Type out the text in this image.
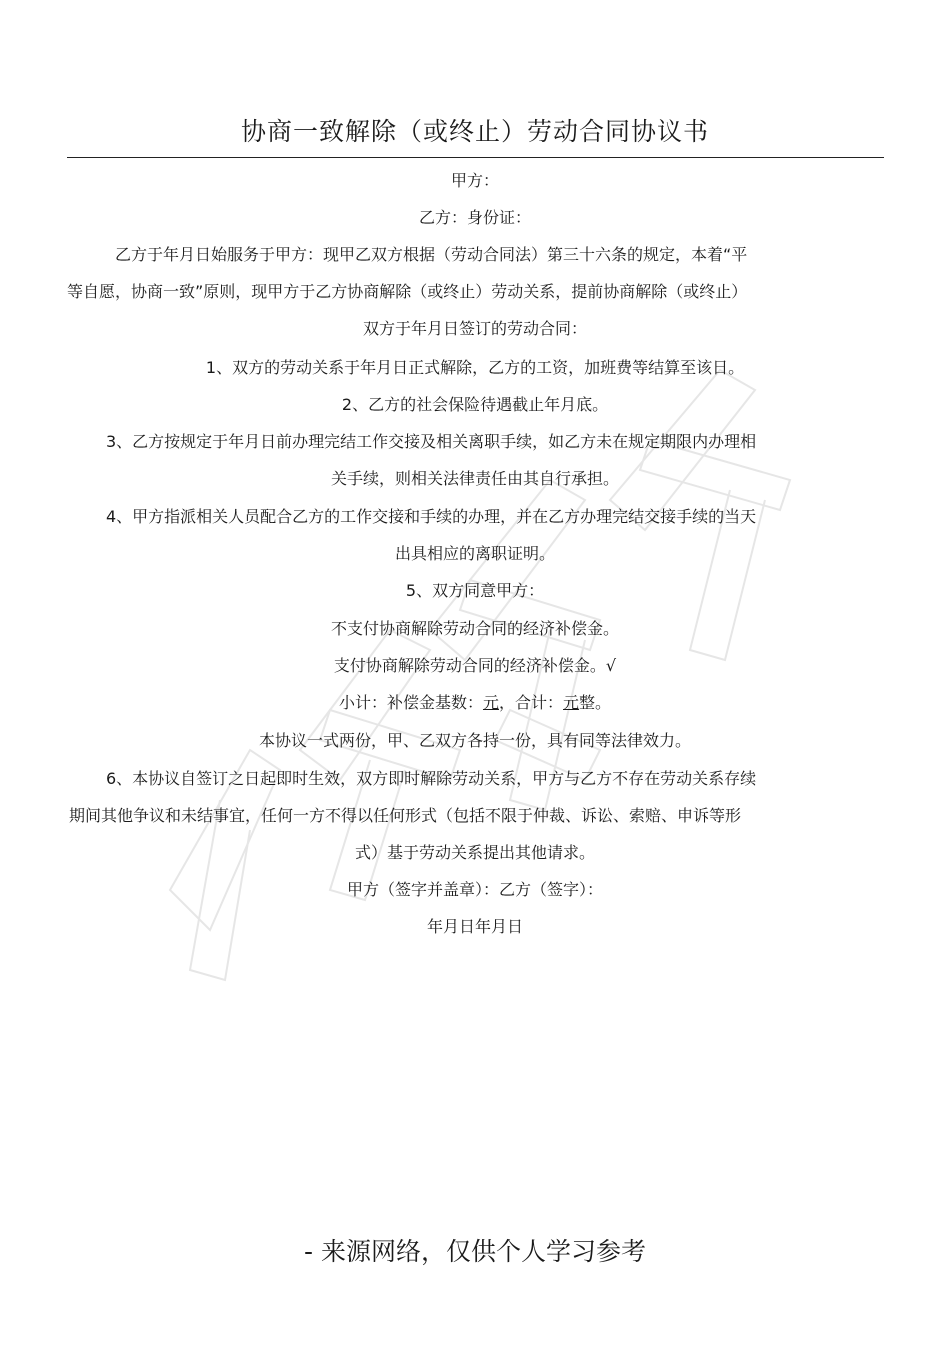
协商一致解除（或终止）劳动合同协议书
甲方：
乙方：身份证：
乙方于年月日始服务于甲方：现甲乙双方根据（劳动合同法）第三十六条的规定，本着“平
等自愿，协商一致”原则，现甲方于乙方协商解除（或终止）劳动关系，提前协商解除（或终止）
双方于年月日签订的劳动合同：
1、双方的劳动关系于年月日正式解除，乙方的工资，加班费等结算至该日。
2、乙方的社会保险待遇截止年月底。
3、乙方按规定于年月日前办理完结工作交接及相关离职手续，如乙方未在规定期限内办理相
关手续，则相关法律责任由其自行承担。
4、甲方指派相关人员配合乙方的工作交接和手续的办理，并在乙方办理完结交接手续的当天
出具相应的离职证明。
5、双方同意甲方：
不支付协商解除劳动合同的经济补偿金。
支付协商解除劳动合同的经济补偿金。√
小计：补偿金基数：元，合计：元整。
本协议一式两份，甲、乙双方各持一份，具有同等法律效力。
6、本协议自签订之日起即时生效，双方即时解除劳动关系，甲方与乙方不存在劳动关系存续
期间其他争议和未结事宜，任何一方不得以任何形式（包括不限于仲裁、诉讼、索赔、申诉等形
式）基于劳动关系提出其他请求。
甲方（签字并盖章）：乙方（签字）：
年月日年月日
- 来源网络，仅供个人学习参考
